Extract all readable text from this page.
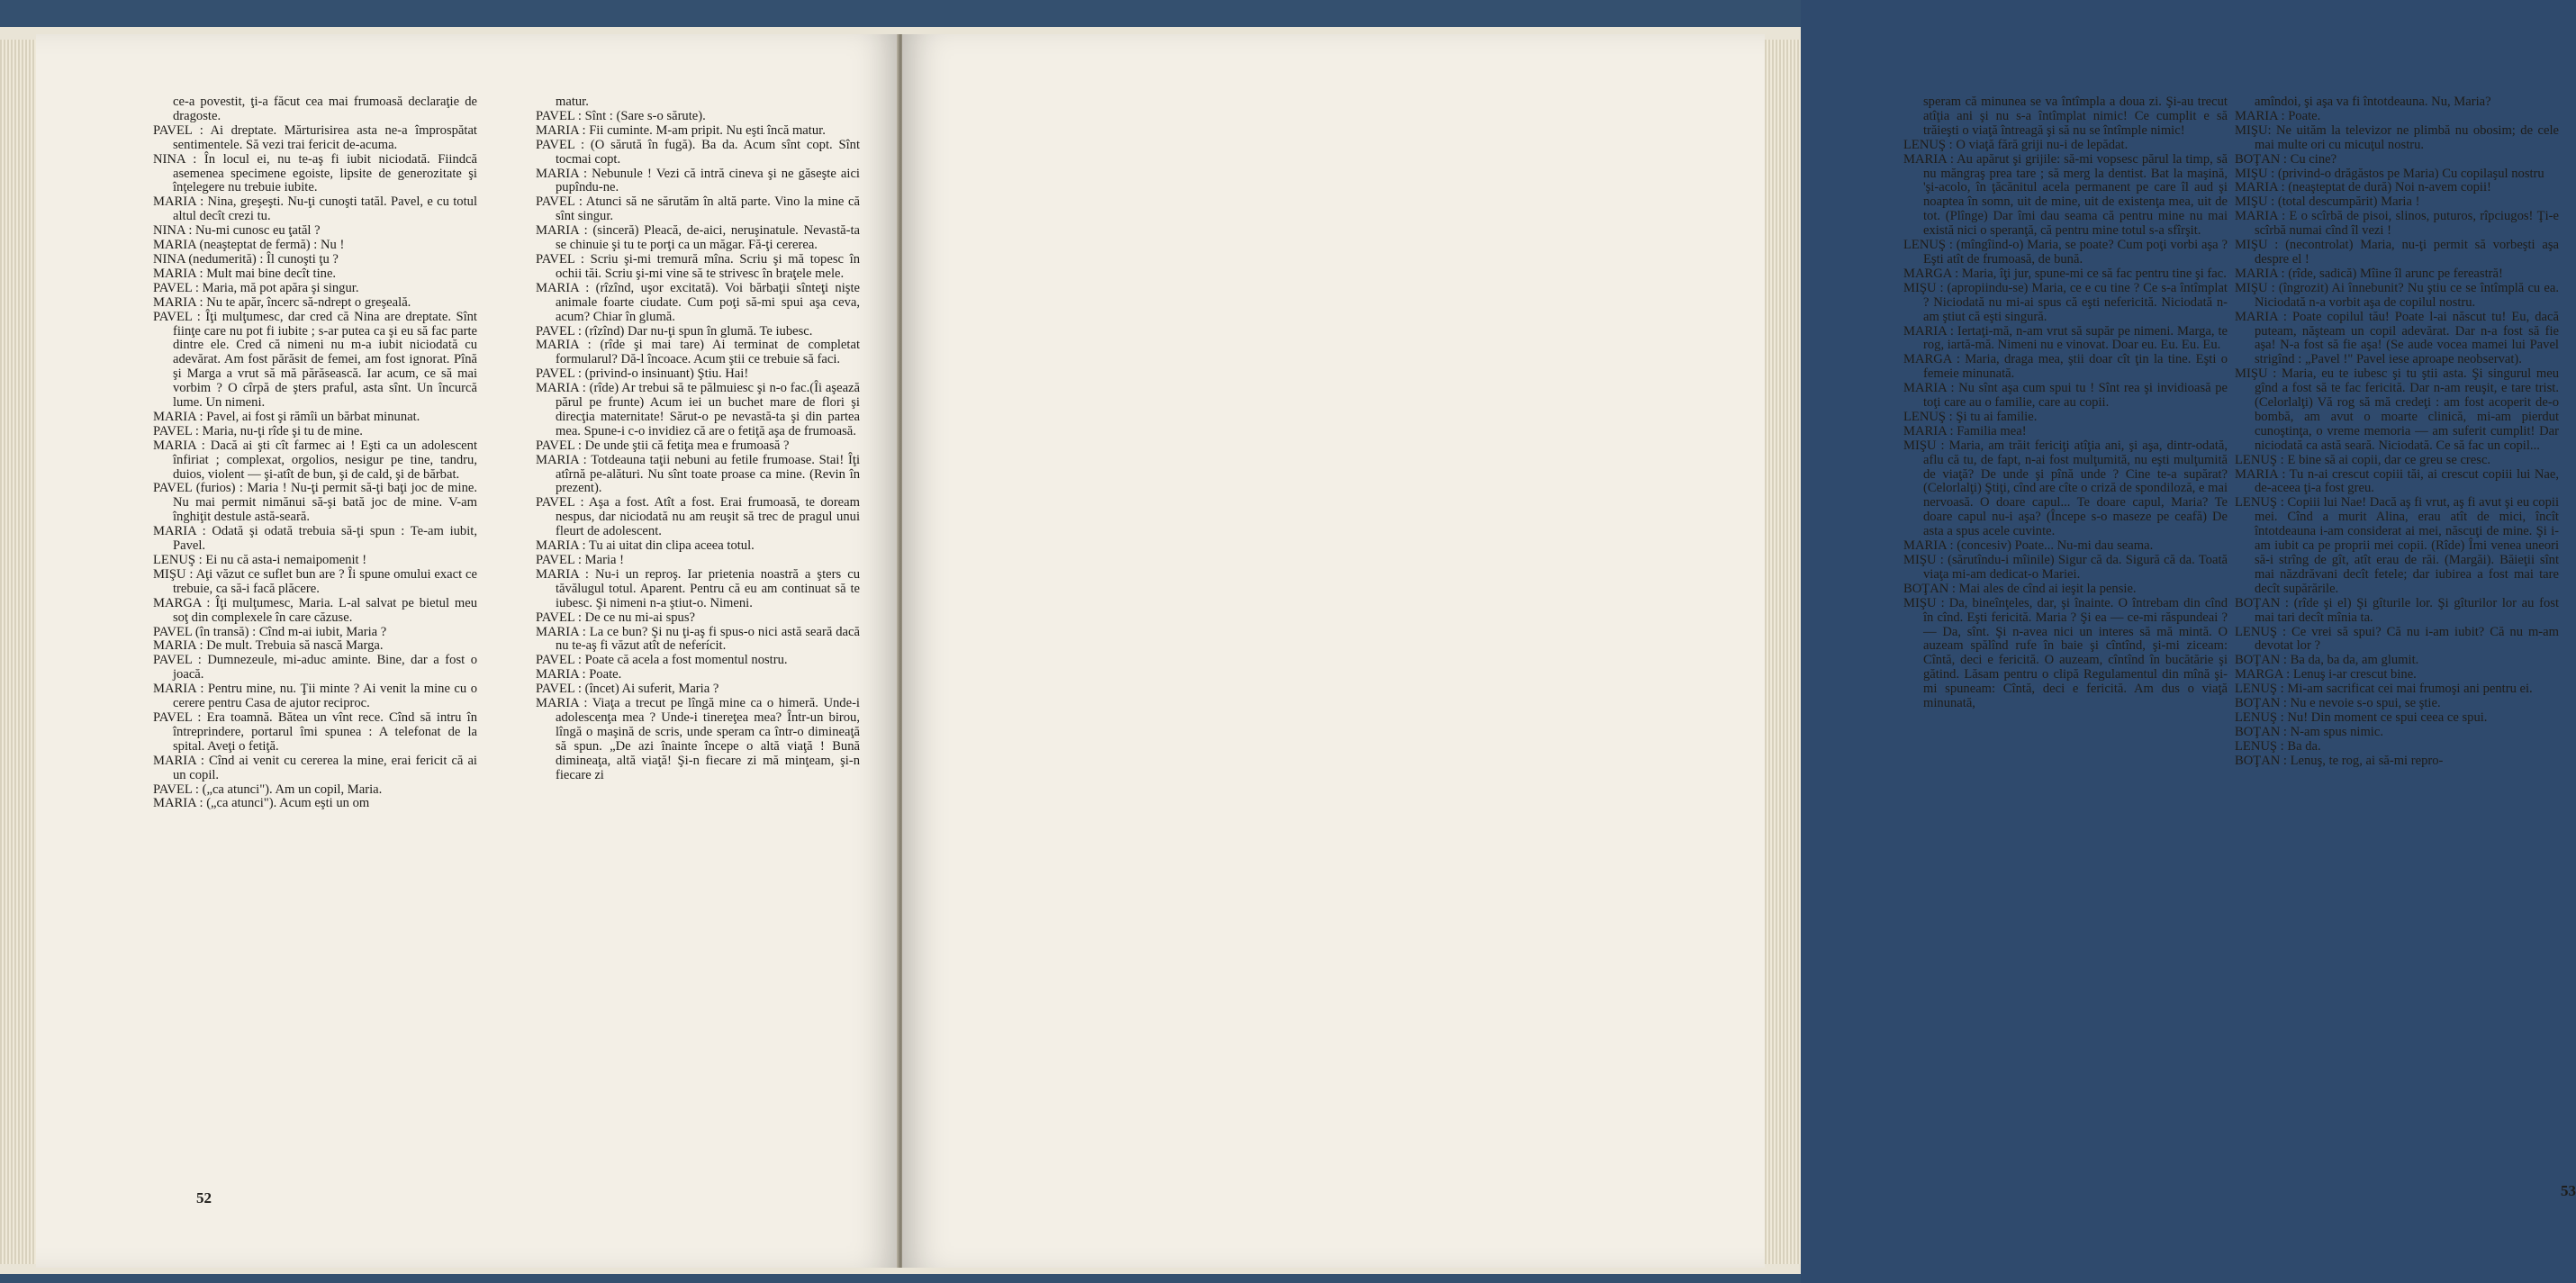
ce-a povestit, ţi-a făcut cea mai frumoasă declaraţie de dragoste.

PAVEL : Ai dreptate. Mărturisirea asta ne-a împrospătat sentimentele. Să vezi trai fericit de-acuma.

NINA : În locul ei, nu te-aş fi iubit niciodată. Fiindcă asemenea specimene egoiste, lipsite de generozitate şi înţelegere nu trebuie iubite.

MARIA : Nina, greşeşti. Nu-ţi cunoşti tatăl. Pavel, e cu totul altul decît crezi tu.

NINA : Nu-mi cunosc eu ţatăl ?

MARIA (neaşteptat de fermă) : Nu !

NINA (nedumerită) : Îl cunoşti ţu ?

MARIA : Mult mai bine decît tine.

PAVEL : Maria, mă pot apăra şi singur.

MARIA : Nu te apăr, încerc să-ndrept o greşeală.

PAVEL : Îţi mulţumesc, dar cred că Nina are dreptate. Sînt fiinţe care nu pot fi iubite ; s-ar putea ca şi eu să fac parte dintre ele. Cred că nimeni nu m-a iubit niciodată cu adevărat. Am fost părăsit de femei, am fost ignorat. Pînă şi Marga a vrut să mă părăsească. Iar acum, ce să mai vorbim ? O cîrpă de şters praful, asta sînt. Un încurcă lume. Un nimeni.

MARIA : Pavel, ai fost şi rămîi un bărbat minunat.

PAVEL : Maria, nu-ţi rîde şi tu de mine.

MARIA : Dacă ai şti cît farmec ai ! Eşti ca un adolescent înfiriat ; complexat, orgolios, nesigur pe tine, tandru, duios, violent — şi-atît de bun, şi de cald, şi de bărbat.

PAVEL (furios) : Maria ! Nu-ţi permit să-ţi baţi joc de mine. Nu mai permit nimănui să-şi bată joc de mine. V-am înghiţit destule astă-seară.

MARIA : Odată şi odată trebuia să-ţi spun : Te-am iubit, Pavel.

LENUŞ : Ei nu că asta-i nemaipomenit !

MIŞU : Aţi văzut ce suflet bun are ? Îi spune omului exact ce trebuie, ca să-i facă plăcere.

MARGA : Îţi mulţumesc, Maria. L-al salvat pe bietul meu soţ din complexele în care căzuse.

PAVEL (în transă) : Cînd m-ai iubit, Maria ?

MARIA : De mult. Trebuia să nască Marga.

PAVEL : Dumnezeule, mi-aduc aminte. Bine, dar a fost o joacă.

MARIA : Pentru mine, nu. Ţii minte ? Ai venit la mine cu o cerere pentru Casa de ajutor reciproc.

PAVEL : Era toamnă. Bătea un vînt rece. Cînd să intru în întreprindere, portarul îmi spunea : A telefonat de la spital. Aveţi o fetiţă.

MARIA : Cînd ai venit cu cererea la mine, erai fericit că ai un copil.

PAVEL : („ca atunci"). Am un copil, Maria.

MARIA : („ca atunci"). Acum eşti un om

matur.

PAVEL : Sînt : (Sare s-o sărute).

MARIA : Fii cuminte. M-am pripit. Nu eşti încă matur.

PAVEL : (O sărută în fugă). Ba da. Acum sînt copt. Sînt tocmai copt.

MARIA : Nebunule ! Vezi că intră cineva şi ne găseşte aici pupîndu-ne.

PAVEL : Atunci să ne sărutăm în altă parte. Vino la mine că sînt singur.

MARIA : (sinceră) Pleacă, de-aici, neruşinatule. Nevastă-ta se chinuie şi tu te porţi ca un măgar. Fă-ţi cererea.

PAVEL : Scriu şi-mi tremură mîna. Scriu şi mă topesc în ochii tăi. Scriu şi-mi vine să te strivesc în braţele mele.

MARIA : (rîzînd, uşor excitată). Voi bărbaţii sînteţi nişte animale foarte ciudate. Cum poţi să-mi spui aşa ceva, acum? Chiar în glumă.

PAVEL : (rîzînd) Dar nu-ţi spun în glumă. Te iubesc.

MARIA : (rîde şi mai tare) Ai terminat de completat formularul? Dă-l încoace. Acum ştii ce trebuie să faci.

PAVEL : (privind-o insinuant) Ştiu. Hai!

MARIA : (rîde) Ar trebui să te pălmuiesc şi n-o fac.(Îi aşează părul pe frunte) Acum iei un buchet mare de flori şi direcţia maternitate! Sărut-o pe nevastă-ta şi din partea mea. Spune-i c-o invidiez că are o fetiţă aşa de frumoasă.

PAVEL : De unde ştii că fetiţa mea e frumoasă ?

MARIA : Totdeauna taţii nebuni au fetile frumoase. Stai! Îţi atîrnă pe-alături. Nu sînt toate proase ca mine. (Revin în prezent).

PAVEL : Aşa a fost. Atît a fost. Erai frumoasă, te doream nespus, dar niciodată nu am reuşit să trec de pragul unui fleurt de adolescent.

MARIA : Tu ai uitat din clipa aceea totul.

PAVEL : Maria !

MARIA : Nu-i un reproş. Iar prietenia noastră a şters cu tăvălugul totul. Aparent. Pentru că eu am continuat să te iubesc. Şi nimeni n-a ştiut-o. Nimeni.

PAVEL : De ce nu mi-ai spus?

MARIA : La ce bun? Şi nu ţi-aş fi spus-o nici astă seară dacă nu te-aş fi văzut atît de neferícit.

PAVEL : Poate că acela a fost momentul nostru.

MARIA : Poate.

PAVEL : (încet) Ai suferit, Maria ?

MARIA : Viaţa a trecut pe lîngă mine ca o himeră. Unde-i adolescenţa mea ? Unde-i tinereţea mea? Într-un birou, lîngă o maşină de scris, unde speram ca într-o dimineaţă să spun. „De azi înainte începe o altă viaţă ! Bună dimineaţa, altă viaţă! Şi-n fiecare zi mă minţeam, şi-n fiecare zi

52

speram că minunea se va întîmpla a doua zi. Şi-au trecut atîţia ani şi nu s-a întîmplat nimic! Ce cumplit e să trăieşti o viaţă întreagă şi să nu se întîmple nimic!

LENUŞ : O viaţă fără griji nu-i de lepădat.

MARIA : Au apărut şi grijile: să-mi vopsesc părul la timp, să nu măngraş prea tare ; să merg la dentist. Bat la maşină, 'şi-acolo, în ţăcănitul acela permanent pe care îl aud şi noaptea în somn, uit de mine, uit de existenţa mea, uit de tot. (Plînge) Dar îmi dau seama că pentru mine nu mai există nici o speranţă, că pentru mine totul s-a sfîrşit.

LENUŞ : (mîngîind-o) Maria, se poate? Cum poţi vorbi aşa ? Eşti atît de frumoasă, de bună.

MARGA : Maria, îţi jur, spune-mi ce să fac pentru tine şi fac.

MIŞU : (apropiindu-se) Maria, ce e cu tine ? Ce s-a întîmplat ? Niciodată nu mi-ai spus că eşti nefericită. Niciodată n-am ştiut că eşti singură.

MARIA : Iertaţi-mă, n-am vrut să supăr pe nimeni. Marga, te rog, iartă-mă. Nimeni nu e vinovat. Doar eu. Eu. Eu. Eu.

MARGA : Maria, draga mea, ştii doar cît ţin la tine. Eşti o femeie minunată.

MARIA : Nu sînt aşa cum spui tu ! Sînt rea şi invidioasă pe toţi care au o familie, care au copii.

LENUŞ : Şi tu ai familie.

MARIA : Familia mea!

MIŞU : Maria, am trăit fericiţi atîţia ani, şi aşa, dintr-odată, aflu că tu, de fapt, n-ai fost mulţumită, nu eşti mulţumită de viaţă? De unde şi pînă unde ? Cine te-a supărat? (Celorlalţi) Ştiţi, cînd are cîte o criză de spondiloză, e mai nervoasă. O doare capul... Te doare capul, Maria? Te doare capul nu-i aşa? (Începe s-o maseze pe ceafă) De asta a spus acele cuvinte.

MARIA : (concesiv) Poate... Nu-mi dau seama.

MIŞU : (sărutîndu-i mîinile) Sigur că da. Sigură că da. Toată viaţa mi-am dedicat-o Mariei.

BOŢAN : Mai ales de cînd ai ieşit la pensie.

MIŞU : Da, bineînţeles, dar, şi înainte. O întrebam din cînd în cînd. Eşti fericită. Maria ? Şi ea — ce-mi răspundeai ? — Da, sînt. Şi n-avea nici un interes să mă mintă. O auzeam spălînd rufe în baie şi cîntînd, şi-mi ziceam: Cîntă, deci e fericită. O auzeam, cîntînd în bucătărie şi gătind. Lăsam pentru o clipă Regulamentul din mînă şi-mi spuneam: Cîntă, deci e fericită. Am dus o viaţă minunată,

amîndoi, şi aşa va fi întotdeauna. Nu, Maria?

MARIA : Poate.

MIŞU: Ne uităm la televizor ne plimbă nu obosim; de cele mai multe ori cu micuţul nostru.

BOŢAN : Cu cine?

MIŞU : (privind-o drăgăstos pe Maria) Cu copilaşul nostru

MARIA : (neaşteptat de dură) Noi n-avem copii!

MIŞU : (total descumpărit) Maria !

MARIA : E o scîrbă de pisoi, slinos, puturos, rîpciugos! Ţi-e scîrbă numai cînd îl vezi !

MIŞU : (necontrolat) Maria, nu-ţi permit să vorbeşti aşa despre el !

MARIA : (rîde, sadică) Mîine îl arunc pe fereastră!

MIŞU : (îngrozit) Ai înnebunit? Nu ştiu ce se întîmplă cu ea. Niciodată n-a vorbit aşa de copilul nostru.

MARIA : Poate copilul tău! Poate l-ai născut tu! Eu, dacă puteam, năşteam un copil adevărat. Dar n-a fost să fie aşa! N-a fost să fie aşa! (Se aude vocea mamei lui Pavel strigînd : „Pavel !" Pavel iese aproape neobservat).

MIŞU : Maria, eu te iubesc şi tu ştii asta. Şi singurul meu gînd a fost să te fac fericită. Dar n-am reuşit, e tare trist. (Celorlalţi) Vă rog să mă credeţi : am fost acoperit de-o bombă, am avut o moarte clinică, mi-am pierdut cunoştinţa, o vreme memoria — am suferit cumplit! Dar niciodată ca astă seară. Niciodată. Ce să fac un copil...

LENUŞ : E bine să ai copii, dar ce greu se cresc.

MARIA : Tu n-ai crescut copiii tăi, ai crescut copiii lui Nae, de-aceea ţi-a fost greu.

LENUŞ : Copiii lui Nae! Dacă aş fi vrut, aş fi avut şi eu copii mei. Cînd a murit Alina, erau atît de mici, încît întotdeauna i-am considerat ai mei, născuţi de mine. Şi i-am iubit ca pe proprii mei copii. (Rîde) Îmi venea uneori să-i strîng de gît, atît erau de răi. (Margăi). Băieţii sînt mai năzdrăvani decît fetele; dar iubirea a fost mai tare decît supărările.

BOŢAN : (rîde şi el) Şi gîturile lor. Şi gîturilor lor au fost mai tari decît mînia ta.

LENUŞ : Ce vrei să spui? Că nu i-am iubit? Că nu m-am devotat lor ?

BOŢAN : Ba da, ba da, am glumit.

MARGA : Lenuş i-ar crescut bine.

LENUŞ : Mi-am sacrificat cei mai frumoşi ani pentru ei.

BOŢAN : Nu e nevoie s-o spui, se ştie.

LENUŞ : Nu! Din moment ce spui ceea ce spui.

BOŢAN : N-am spus nimic.

LENUŞ : Ba da.

BOŢAN : Lenuş, te rog, ai să-mi repro-

53
